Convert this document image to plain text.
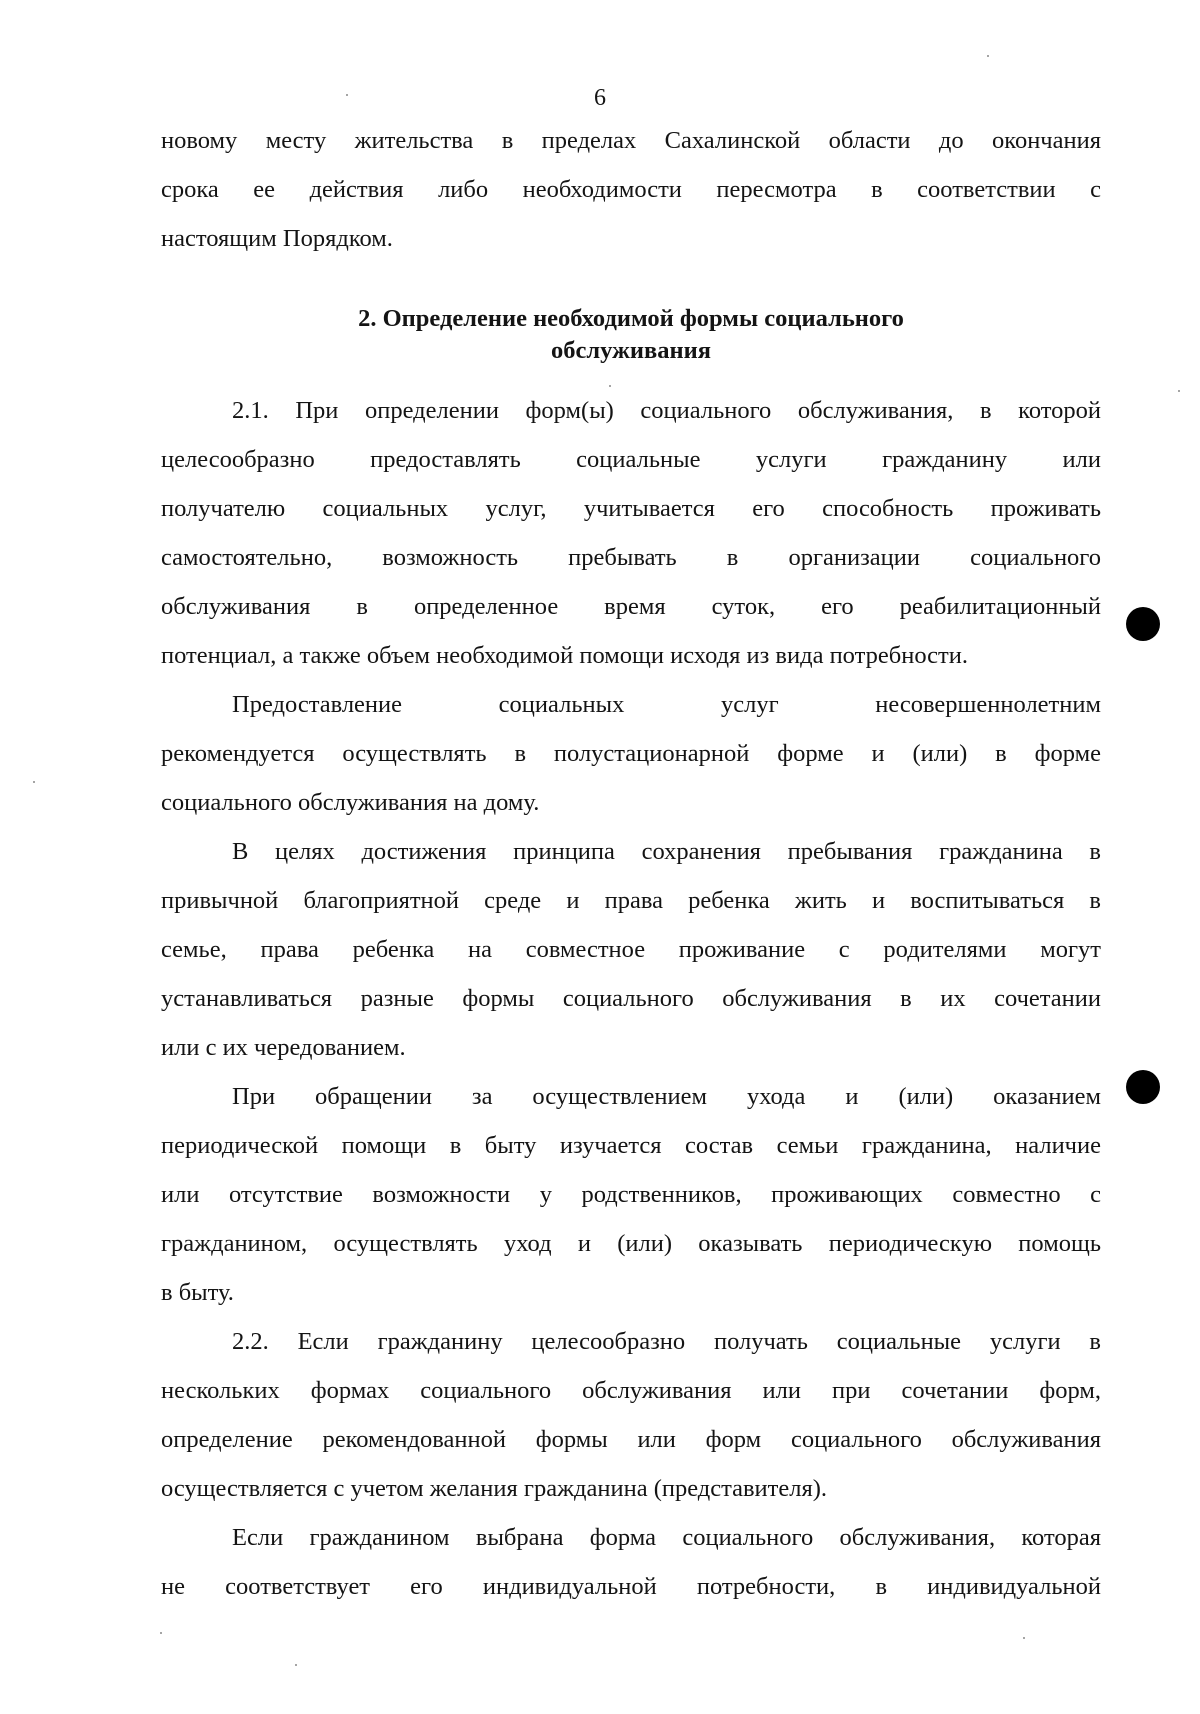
6
новому месту жительства в пределах Сахалинской области до окончания
срока ее действия либо необходимости пересмотра в соответствии с
настоящим Порядком.
2. Определение необходимой формы социального
обслуживания

2.1. При определении форм(ы) социального обслуживания, в которой
целесообразно предоставлять социальные услуги гражданину или
получателю социальных услуг, учитывается его способность проживать
самостоятельно, возможность пребывать в организации социального
обслуживания в определенное время суток, его реабилитационный
потенциал, а также объем необходимой помощи исходя из вида потребности.

Предоставление социальных услуг несовершеннолетним
рекомендуется осуществлять в полустационарной форме и (или) в форме
социального обслуживания на дому.

В целях достижения принципа сохранения пребывания гражданина в
привычной благоприятной среде и права ребенка жить и воспитываться в
семье, права ребенка на совместное проживание с родителями могут
устанавливаться разные формы социального обслуживания в их сочетании
или с их чередованием.

При обращении за осуществлением ухода и (или) оказанием
периодической помощи в быту изучается состав семьи гражданина, наличие
или отсутствие возможности у родственников, проживающих совместно с
гражданином, осуществлять уход и (или) оказывать периодическую помощь
в быту.

2.2. Если гражданину целесообразно получать социальные услуги в
нескольких формах социального обслуживания или при сочетании форм,
определение рекомендованной формы или форм социального обслуживания
осуществляется с учетом желания гражданина (представителя).

Если гражданином выбрана форма социального обслуживания, которая
не соответствует его индивидуальной потребности, в индивидуальной
